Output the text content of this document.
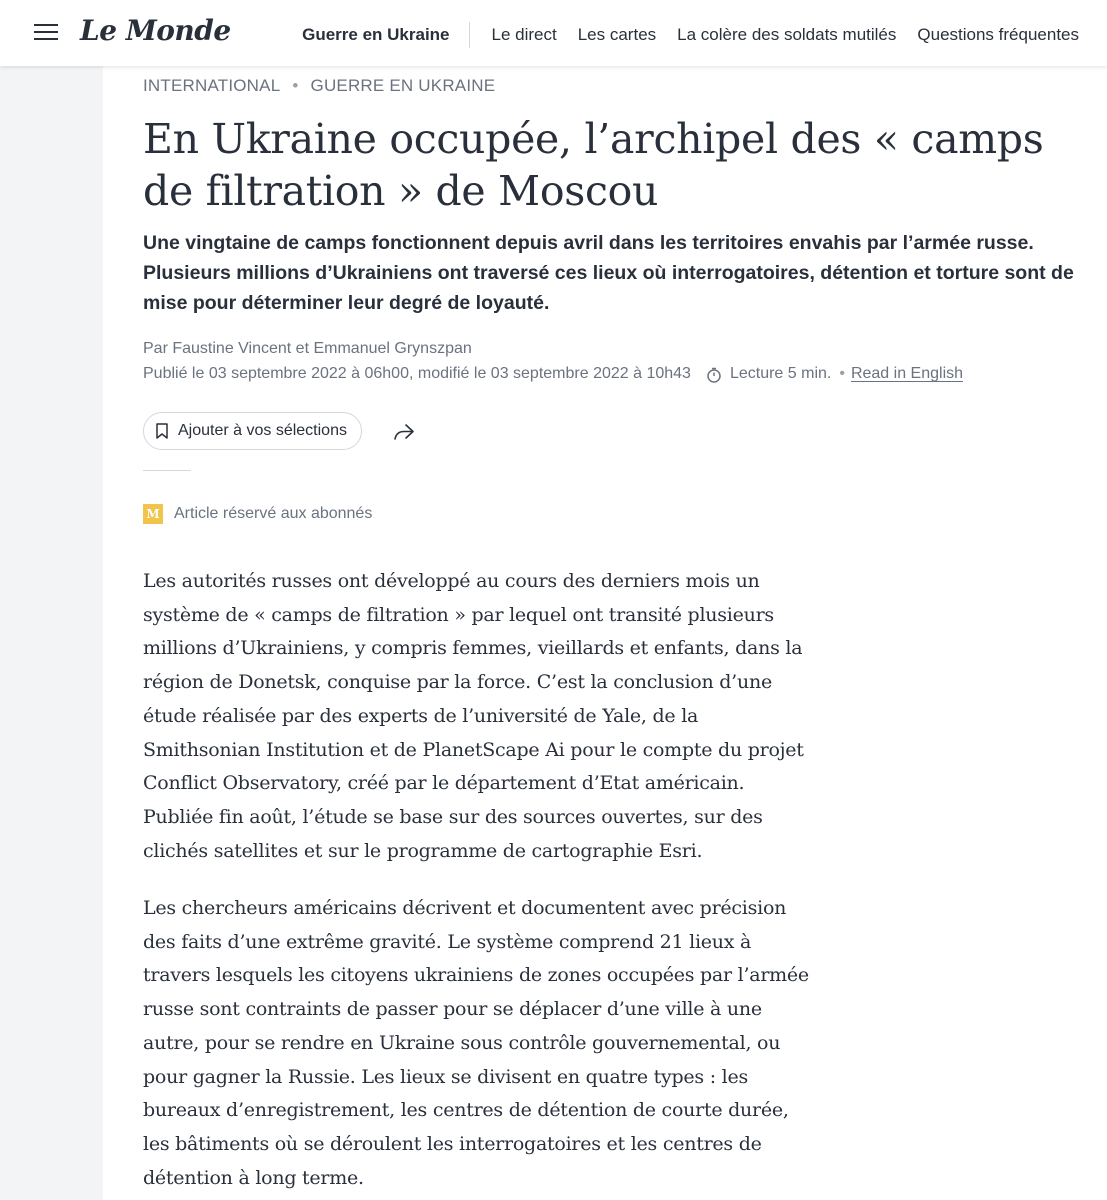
Le Monde	Guerre en Ukraine Le direct Les cartes La colère des soldats mutilés Questions fréquentes
INTERNATIONAL • GUERRE EN UKRAINE
En Ukraine occupée, l’archipel des « camps de filtration » de Moscou

Une vingtaine de camps fonctionnent depuis avril dans les territoires envahis par l’armée russe. Plusieurs millions d’Ukrainiens ont traversé ces lieux où interrogatoires, détention et torture sont de mise pour déterminer leur degré de loyauté.

Par Faustine Vincent et Emmanuel Grynszpan
Publié le 03 septembre 2022 à 06h00, modifié le 03 septembre 2022 à 10h43 Lecture 5 min. • Read in English
Ajouter à vos sélections
M Article réservé aux abonnés

Les autorités russes ont développé au cours des derniers mois un système de « camps de filtration » par lequel ont transité plusieurs millions d’Ukrainiens, y compris femmes, vieillards et enfants, dans la région de Donetsk, conquise par la force. C’est la conclusion d’une étude réalisée par des experts de l’université de Yale, de la Smithsonian Institution et de PlanetScape Ai pour le compte du projet Conflict Observatory, créé par le département d’Etat américain. Publiée fin août, l’étude se base sur des sources ouvertes, sur des clichés satellites et sur le programme de cartographie Esri.

Les chercheurs américains décrivent et documentent avec précision des faits d’une extrême gravité. Le système comprend 21 lieux à travers lesquels les citoyens ukrainiens de zones occupées par l’armée russe sont contraints de passer pour se déplacer d’une ville à une autre, pour se rendre en Ukraine sous contrôle gouvernemental, ou pour gagner la Russie. Les lieux se divisent en quatre types : les bureaux d’enregistrement, les centres de détention de courte durée, les bâtiments où se déroulent les interrogatoires et les centres de détention à long terme.
